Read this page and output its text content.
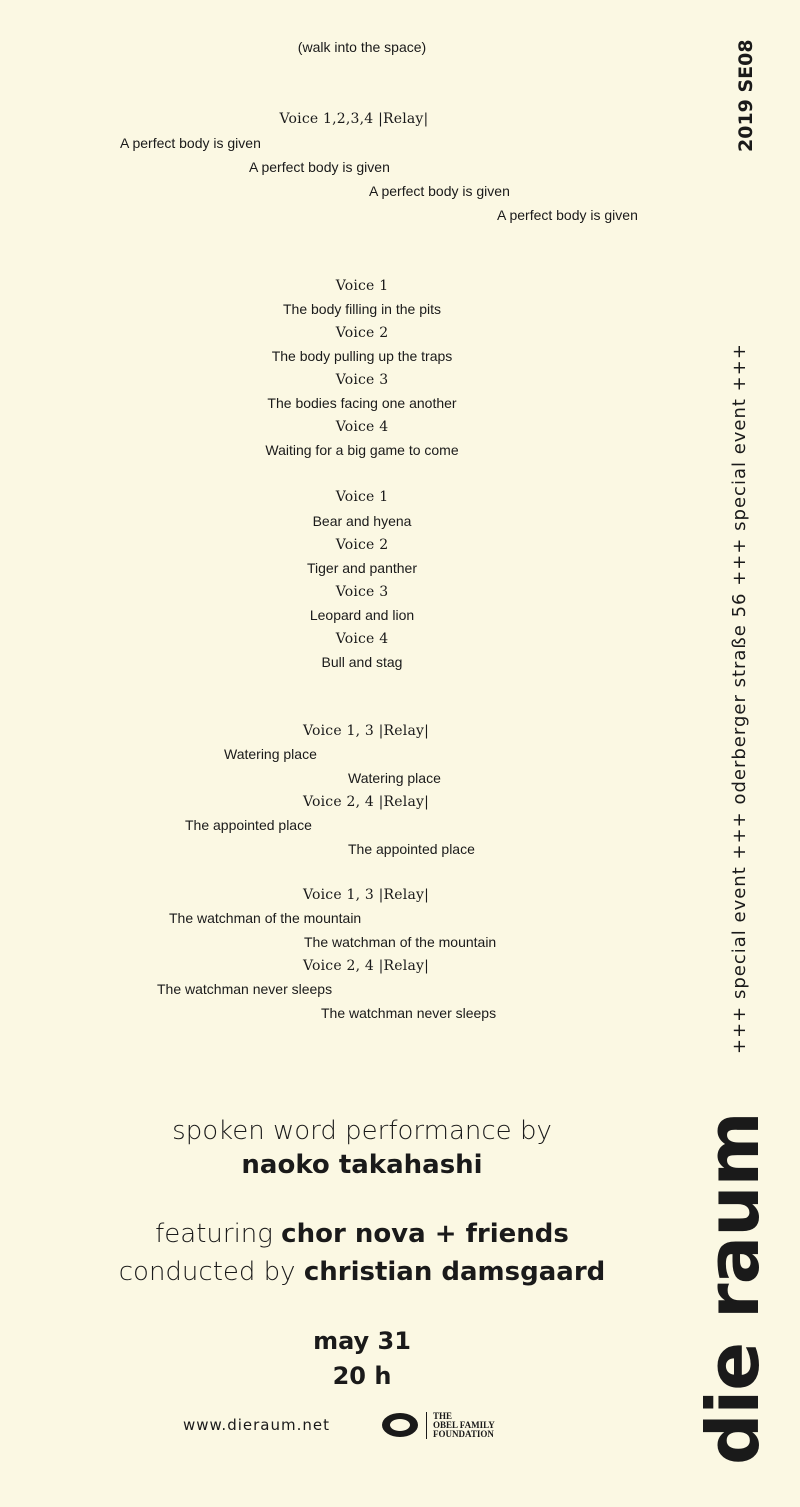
(walk into the space)
Voice 1,2,3,4 |Relay|
A perfect body is given
A perfect body is given
A perfect body is given
A perfect body is given
Voice 1
The body filling in the pits
Voice 2
The body pulling up the traps
Voice 3
The bodies facing one another
Voice 4
Waiting for a big game to come
Voice 1
Bear and hyena
Voice 2
Tiger and panther
Voice 3
Leopard and lion
Voice 4
Bull and stag
Voice 1, 3 |Relay|
Watering place
Watering place
Voice 2, 4 |Relay|
The appointed place
The appointed place
Voice 1, 3 |Relay|
The watchman of the mountain
The watchman of the mountain
Voice 2, 4 |Relay|
The watchman never sleeps
The watchman never sleeps
spoken word performance by
naoko takahashi
featuring chor nova + friends
conducted by christian damsgaard
may 31
20 h
www.dieraum.net
THE
OBEL FAMILY
FOUNDATION
2019 SE08
+++ special event +++ oderberger straße 56 +++ special event +++
die raum
